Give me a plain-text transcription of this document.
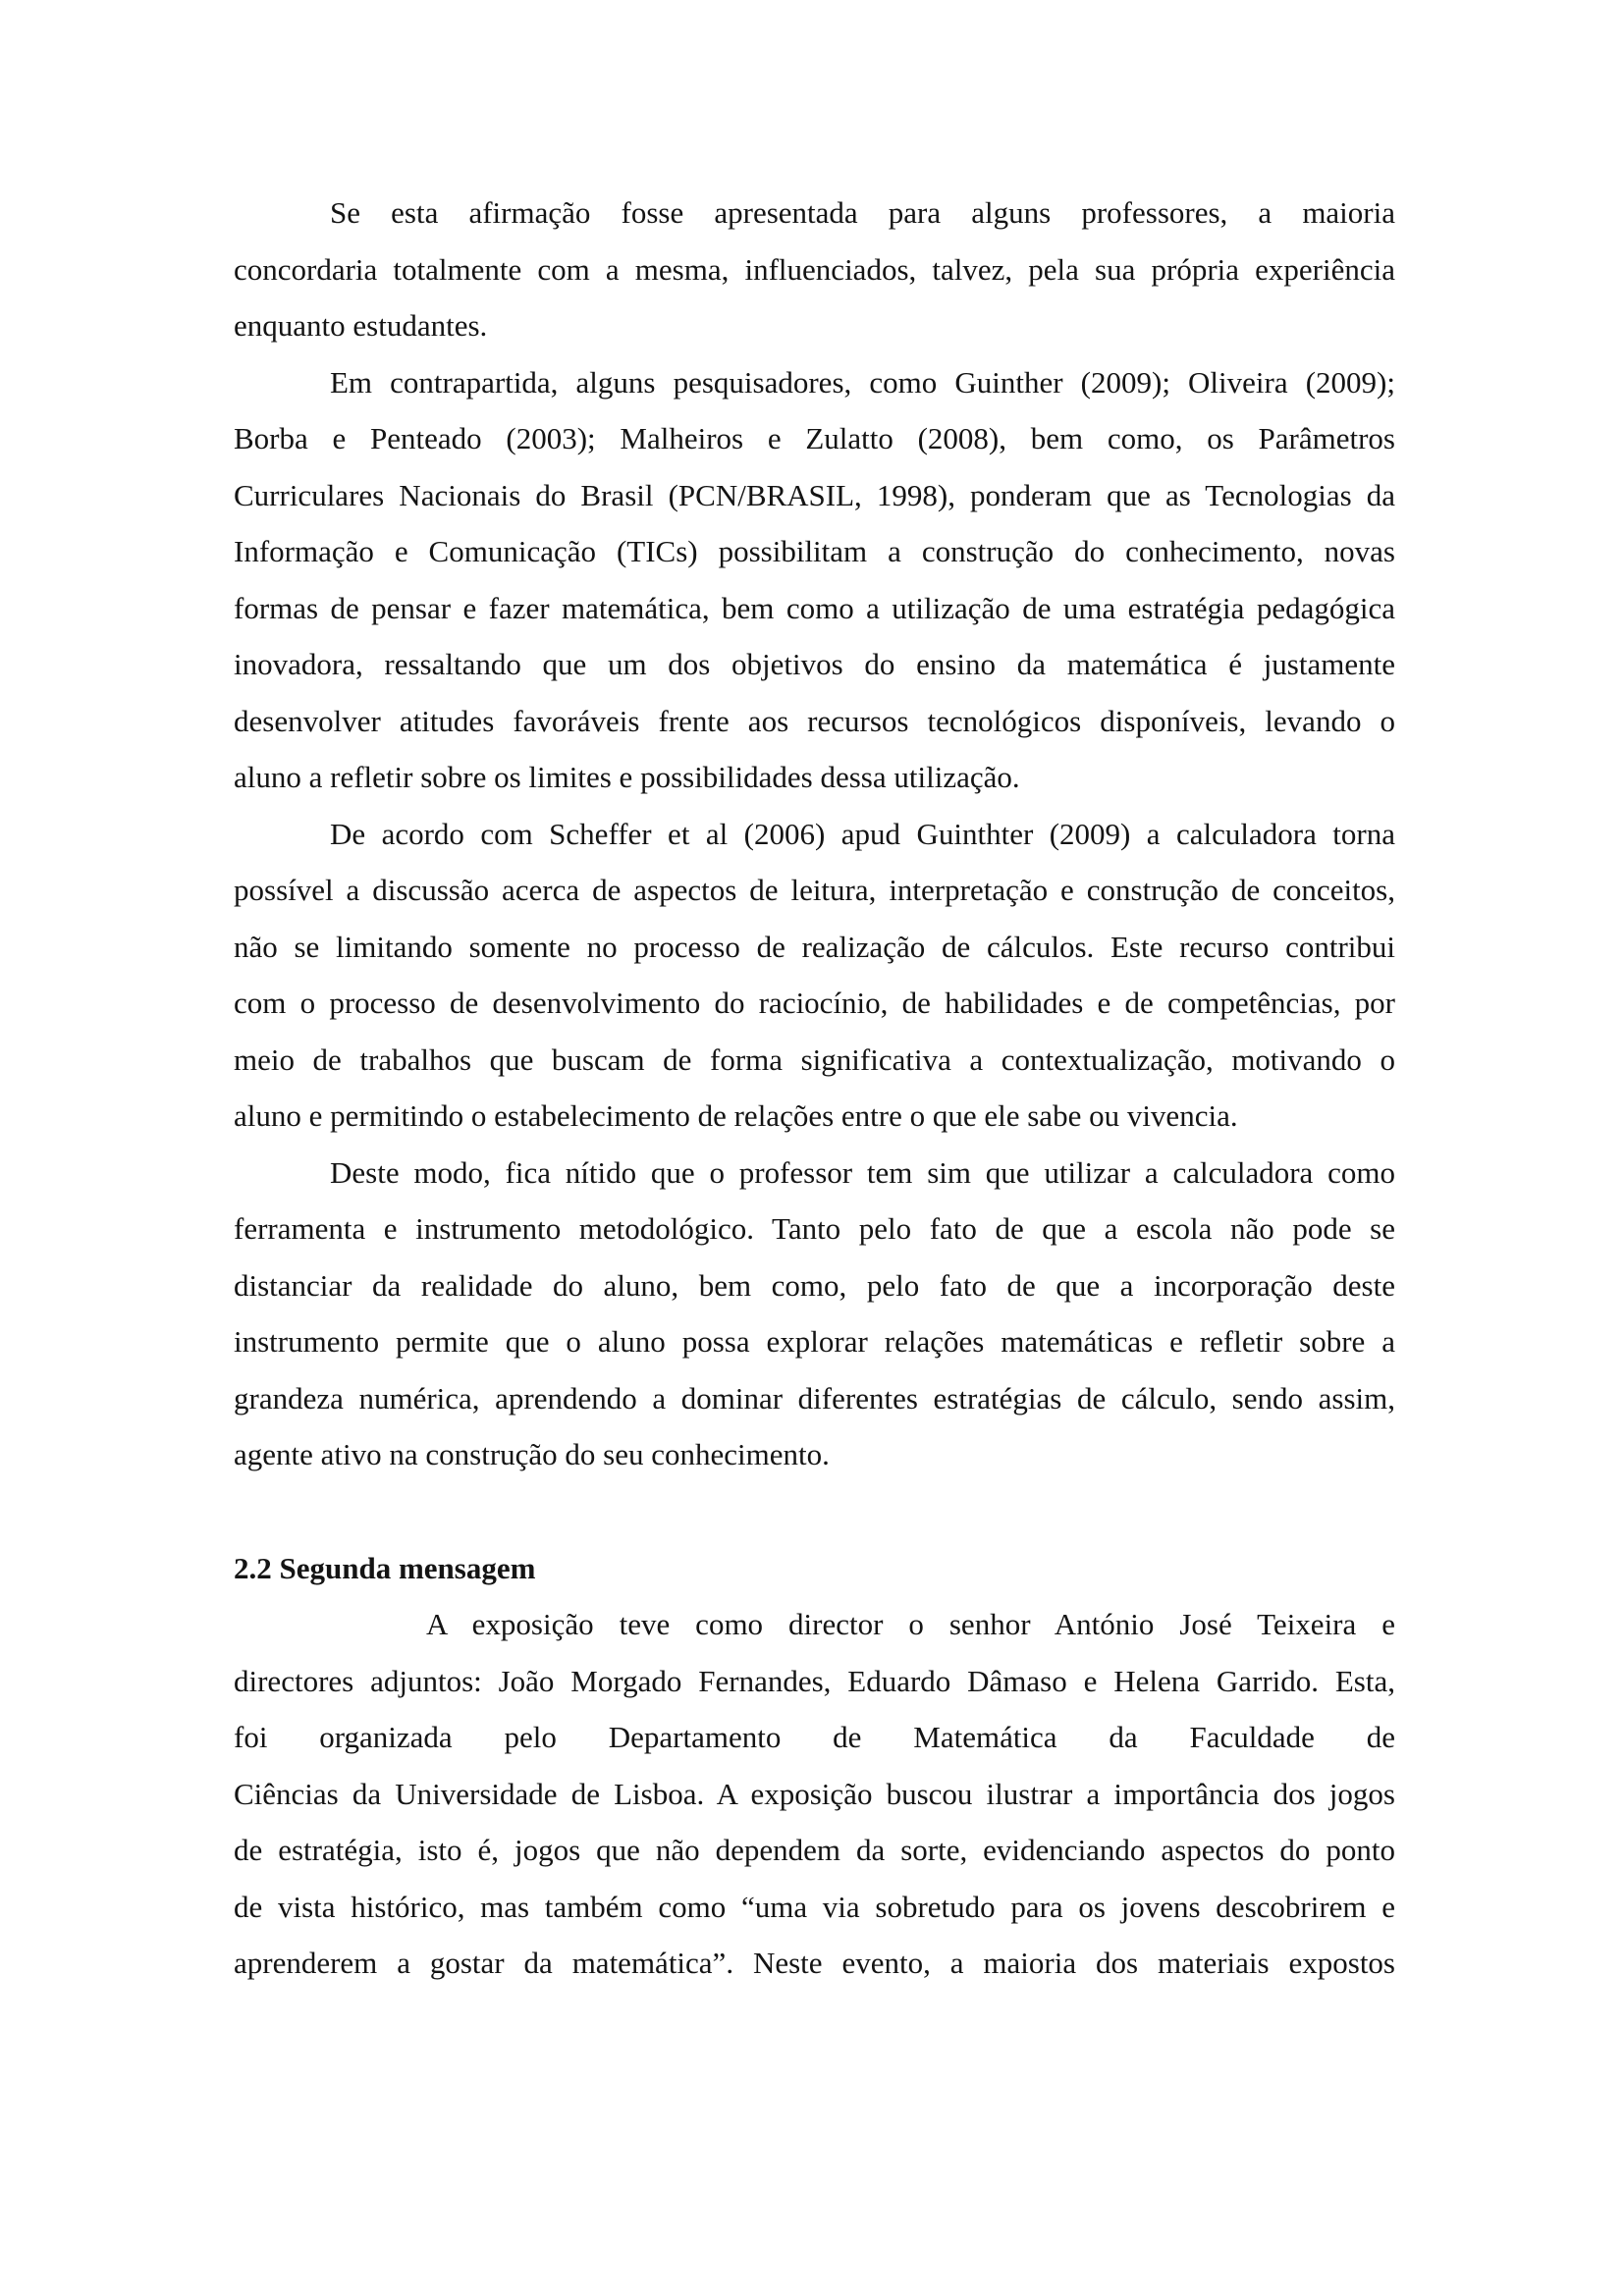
Se esta afirmação fosse apresentada para alguns professores, a maioria
concordaria totalmente com a mesma, influenciados, talvez, pela sua própria experiência
enquanto estudantes.

Em contrapartida, alguns pesquisadores, como Guinther (2009); Oliveira (2009);
Borba e Penteado (2003); Malheiros e Zulatto (2008), bem como, os Parâmetros
Curriculares Nacionais do Brasil (PCN/BRASIL, 1998), ponderam que as Tecnologias da
Informação e Comunicação (TICs) possibilitam a construção do conhecimento, novas
formas de pensar e fazer matemática, bem como a utilização de uma estratégia pedagógica
inovadora, ressaltando que um dos objetivos do ensino da matemática é justamente
desenvolver atitudes favoráveis frente aos recursos tecnológicos disponíveis, levando o
aluno a refletir sobre os limites e possibilidades dessa utilização.

De acordo com Scheffer et al (2006) apud Guinthter (2009) a calculadora torna
possível a discussão acerca de aspectos de leitura, interpretação e construção de conceitos,
não se limitando somente no processo de realização de cálculos. Este recurso contribui
com o processo de desenvolvimento do raciocínio, de habilidades e de competências, por
meio de trabalhos que buscam de forma significativa a contextualização, motivando o
aluno e permitindo o estabelecimento de relações entre o que ele sabe ou vivencia.

Deste modo, fica nítido que o professor tem sim que utilizar a calculadora como
ferramenta e instrumento metodológico. Tanto pelo fato de que a escola não pode se
distanciar da realidade do aluno, bem como, pelo fato de que a incorporação deste
instrumento permite que o aluno possa explorar relações matemáticas e refletir sobre a
grandeza numérica, aprendendo a dominar diferentes estratégias de cálculo, sendo assim,
agente ativo na construção do seu conhecimento.

2.2 Segunda mensagem

A exposição teve como director o senhor António José Teixeira e
directores adjuntos: João Morgado Fernandes, Eduardo Dâmaso e Helena Garrido. Esta,
foi organizada pelo Departamento de Matemática da Faculdade de
Ciências da Universidade de Lisboa. A exposição buscou ilustrar a importância dos jogos
de estratégia, isto é, jogos que não dependem da sorte, evidenciando aspectos do ponto
de vista histórico, mas também como “uma via sobretudo para os jovens descobrirem e
aprenderem a gostar da matemática”. Neste evento, a maioria dos materiais expostos
